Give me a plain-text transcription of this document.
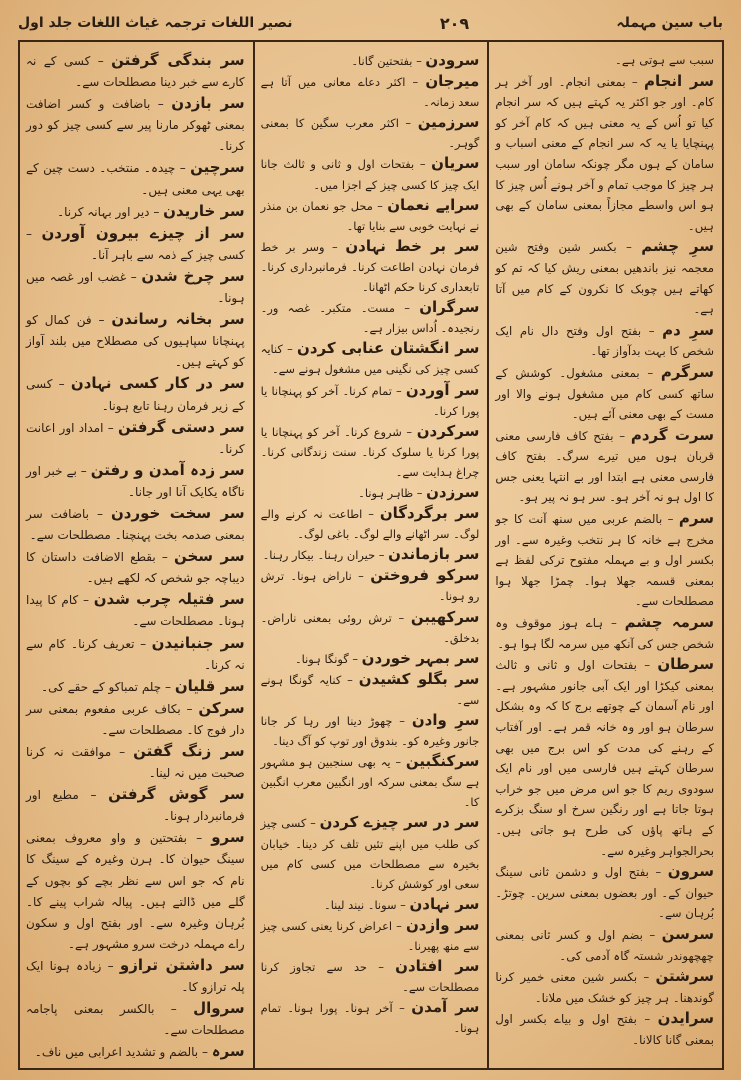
باب سین مہملہ
۲۰۹
نصیر اللغات ترجمہ غیاث اللغات جلد اول

سبب سے ہوتی ہے۔

سر انجام – بمعنی انجام۔ اور آخر ہر کام۔ اور جو اکثر یہ کہتے ہیں کہ سر انجام کیا تو اُس کے یہ معنی ہیں کہ کام آخر کو پہنچایا یا یہ کہ سر انجام کے معنی اسباب و سامان کے ہوں مگر چونکہ سامان اور سبب ہر چیز کا موجب تمام و آخر ہونے اُس چیز کا ہو اس واسطے مجازاً بمعنی سامان کے بھی ہیں۔

سرِ چشم – بکسر شین وفتح شین معجمہ نیز باندھیں بمعنی ریش کیا کہ تم کو کھاتے ہیں چوبک کا نکرون کے کام میں آتا ہے۔

سرِ دم – بفتح اول وفتح دال نام ایک شخص کا بہت بدآواز تھا۔

سرگرم – بمعنی مشغول۔ کوشش کے ساتھ کسی کام میں مشغول ہونے والا اور مست کے بھی معنی آئے ہیں۔

سرت گردم – بفتح کاف فارسی معنی قربان ہوں میں تیرے سرگ۔ بفتح کاف فارسی معنی ہے ابتدا اور بے انتہا یعنی جس کا اول ہو نہ آخر ہو۔ سر ہو نہ پیر ہو۔

سرم – بالضم عربی میں سنھ آنت کا جو مخرج ہے خانہ کا ہر نتخب وغیرہ سے۔ اور بکسر اول و بے مہملہ مفتوح ترکی لفظ ہے بمعنی قسمہ جھلا ہوا۔ چمڑا جھلا ہوا مصطلحات سے۔

سرمہ چشم – ہاے ہوز موقوف وہ شخص جس کی آنکھ میں سرمہ لگا ہوا ہو۔

سرطان – بفتحات اول و ثانی و ثالث بمعنی کیکڑا اور ایک آبی جانور مشہور ہے۔ اور نام آسمان کے چوتھے برج کا کہ وہ بشکل سرطان ہو اور وہ خانہ قمر ہے۔ اور آفتاب کے رہنے کی مدت کو اس برج میں بھی سرطان کہتے ہیں فارسی میں اور نام ایک سودوی ریم کا جو اس مرض میں جو خراب ہوتا جاتا ہے اور رنگین سرخ او سنگ بزکرے کے ہاتھ پاؤں کی طرح ہو جاتی ہیں۔ بحرالجواہر وغیرہ سے۔

سرون – بفتح اول و دشمن ثانی سینگ حیوان کے۔ اور بعضوں بمعنی سرین۔ چوتڑ۔ بُرہان سے۔

سرسن – بضم اول و کسر ثانی بمعنی چھچھوندر شستہ گاہ آدمی کی۔

سرشتن – بکسر شین معنی خمیر کرنا گوندھنا۔ ہر چیز کو خشک میں ملانا۔

سرایدن – بفتح اول و بیاے بکسر اول بمعنی گانا کالانا۔

سرودن – بفتحتین گانا۔

میرجان – اکثر دعاے معانی میں آتا ہے سعد زمانہ۔

سرزمین – اکثر معرب سگین کا بمعنی گوہر۔

سریان – بفتحات اول و ثانی و ثالث جانا ایک چیز کا کسی چیز کے اجزا میں۔

سرایے نعمان – محل جو نعمان بن منذر نے نہایت خوبی سے بنایا تھا۔

سر بر خط نہادن – وسر بر خط فرمان نہادن اطاعت کرنا۔ فرمانبرداری کرنا۔ تابعداری کرنا حکم اٹھانا۔

سرگران – مست۔ متکبر۔ غصہ ور۔ رنجیدہ۔ اُداس بیزار ہے۔

سر انگشتان عنابی کردن – کنایہ کسی چیز کی نگینی میں مشغول ہونے سے۔

سر آوردن – تمام کرنا۔ آخر کو پہنچانا یا پورا کرنا۔

سرکردن – شروع کرنا۔ آخر کو پہنچانا یا پورا کرنا یا سلوک کرنا۔ سنت زندگانی کرنا۔ چراغ ہدایت سے۔

سرزدن – ظاہر ہونا۔

سر برگردگان – اطاعت نہ کرنے والے لوگ۔ سر اٹھانے والے لوگ۔ باغی لوگ۔

سر بازماندن – حیران رہنا۔ بیکار رہنا۔

سرکو فروختن – ناراض ہونا۔ ترش رو ہونا۔

سرکھیبن – ترش روئی بمعنی ناراض۔ بدخلق۔

سر بمہر خوردن – گونگا ہونا۔

سر بگلو کشیدن – کنایہ گونگا ہونے سے۔

سرِ وادن – چھوڑ دینا اور رہا کر جانا جانور وغیرہ کو۔ بندوق اور توپ کو آگ دینا۔

سرکنگبین – یہ بھی سنجبین ہو مشہور ہے سگ بمعنی سرکہ اور انگبین معرب انگبین کا۔

سر در سر چیزے کردن – کسی چیز کی طلب میں اپنے تئیں تلف کر دینا۔ خیابان بخیرہ سے مصطلحات میں کسی کام میں سعی اور کوشش کرنا۔

سر نہادن – سونا۔ نیند لینا۔

سر وازدن – اعراض کرنا یعنی کسی چیز سے منھ پھیرنا۔

سر افتادن – حد سے تجاوز کرنا مصطلحات سے۔

سر آمدن – آخر ہونا۔ پورا ہونا۔ تمام ہونا۔

سر بندگی گرفتن – کسی کے نہ کارے سے خبر دینا مصطلحات سے۔

سر بازدن – باضافت و کسر اضافت بمعنی ٹھوکر مارنا پیر سے کسی چیز کو دور کرنا۔

سرچین – چیدہ۔ منتخب۔ دست چین کے بھی یہی معنی ہیں۔

سر خاریدن – دیر اور بہانہ کرنا۔

سر از چیزے بیرون آوردن – کسی چیز کے ذمہ سے باہر آنا۔

سر چرخ شدن – غضب اور غصہ میں ہونا۔

سر بخانہ رساندن – فن کمال کو پہنچانا سپاہیوں کی مصطلاح میں بلند آواز کو کہتے ہیں۔

سر در کار کسی نہادن – کسی کے زیر فرمان رہنا تابع ہونا۔

سر دستی گرفتن – امداد اور اعانت کرنا۔

سر زدہ آمدن و رفتن – بے خبر اور ناگاہ یکایک آنا اور جانا۔

سر سخت خوردن – باضافت سر بمعنی صدمہ بخت پہنچنا۔ مصطلحات سے۔

سر سخن – بقطع الاضافت داستان کا دیباچہ جو شخص کہ لکھے ہیں۔

سر فتیلہ چرب شدن – کام کا پیدا ہونا۔ مصطلحات سے۔

سر جنبانیدن – تعریف کرنا۔ کام سے نہ کرنا۔

سر قلیان – چلم تمباکو کے حقے کی۔

سرکن – بکاف عربی مفعوم بمعنی سر دار فوج کا۔ مصطلحات سے۔

سر زنگ گفتن – موافقت نہ کرنا صحبت میں نہ لینا۔

سر گوش گرفتن – مطیع اور فرمانبردار ہونا۔

سرو – بفتحتین و واو معروف بمعنی سینگ حیوان کا۔ ہرن وغیرہ کے سینگ کا نام کہ جو اس سے نظر بچے کو بچوں کے گلے میں ڈالتے ہیں۔ پیالہ شراب پینے کا۔ بُرہان وغیرہ سے۔ اور بفتح اول و سکون راے مہملہ درخت سرو مشہور ہے۔

سر داشتن ترازو – زیادہ ہونا ایک پلہ ترازو کا۔

سروال – بالکسر بمعنی پاجامہ مصطلحات سے۔

سرہ – بالضم و تشدید اعرابی میں ناف۔
